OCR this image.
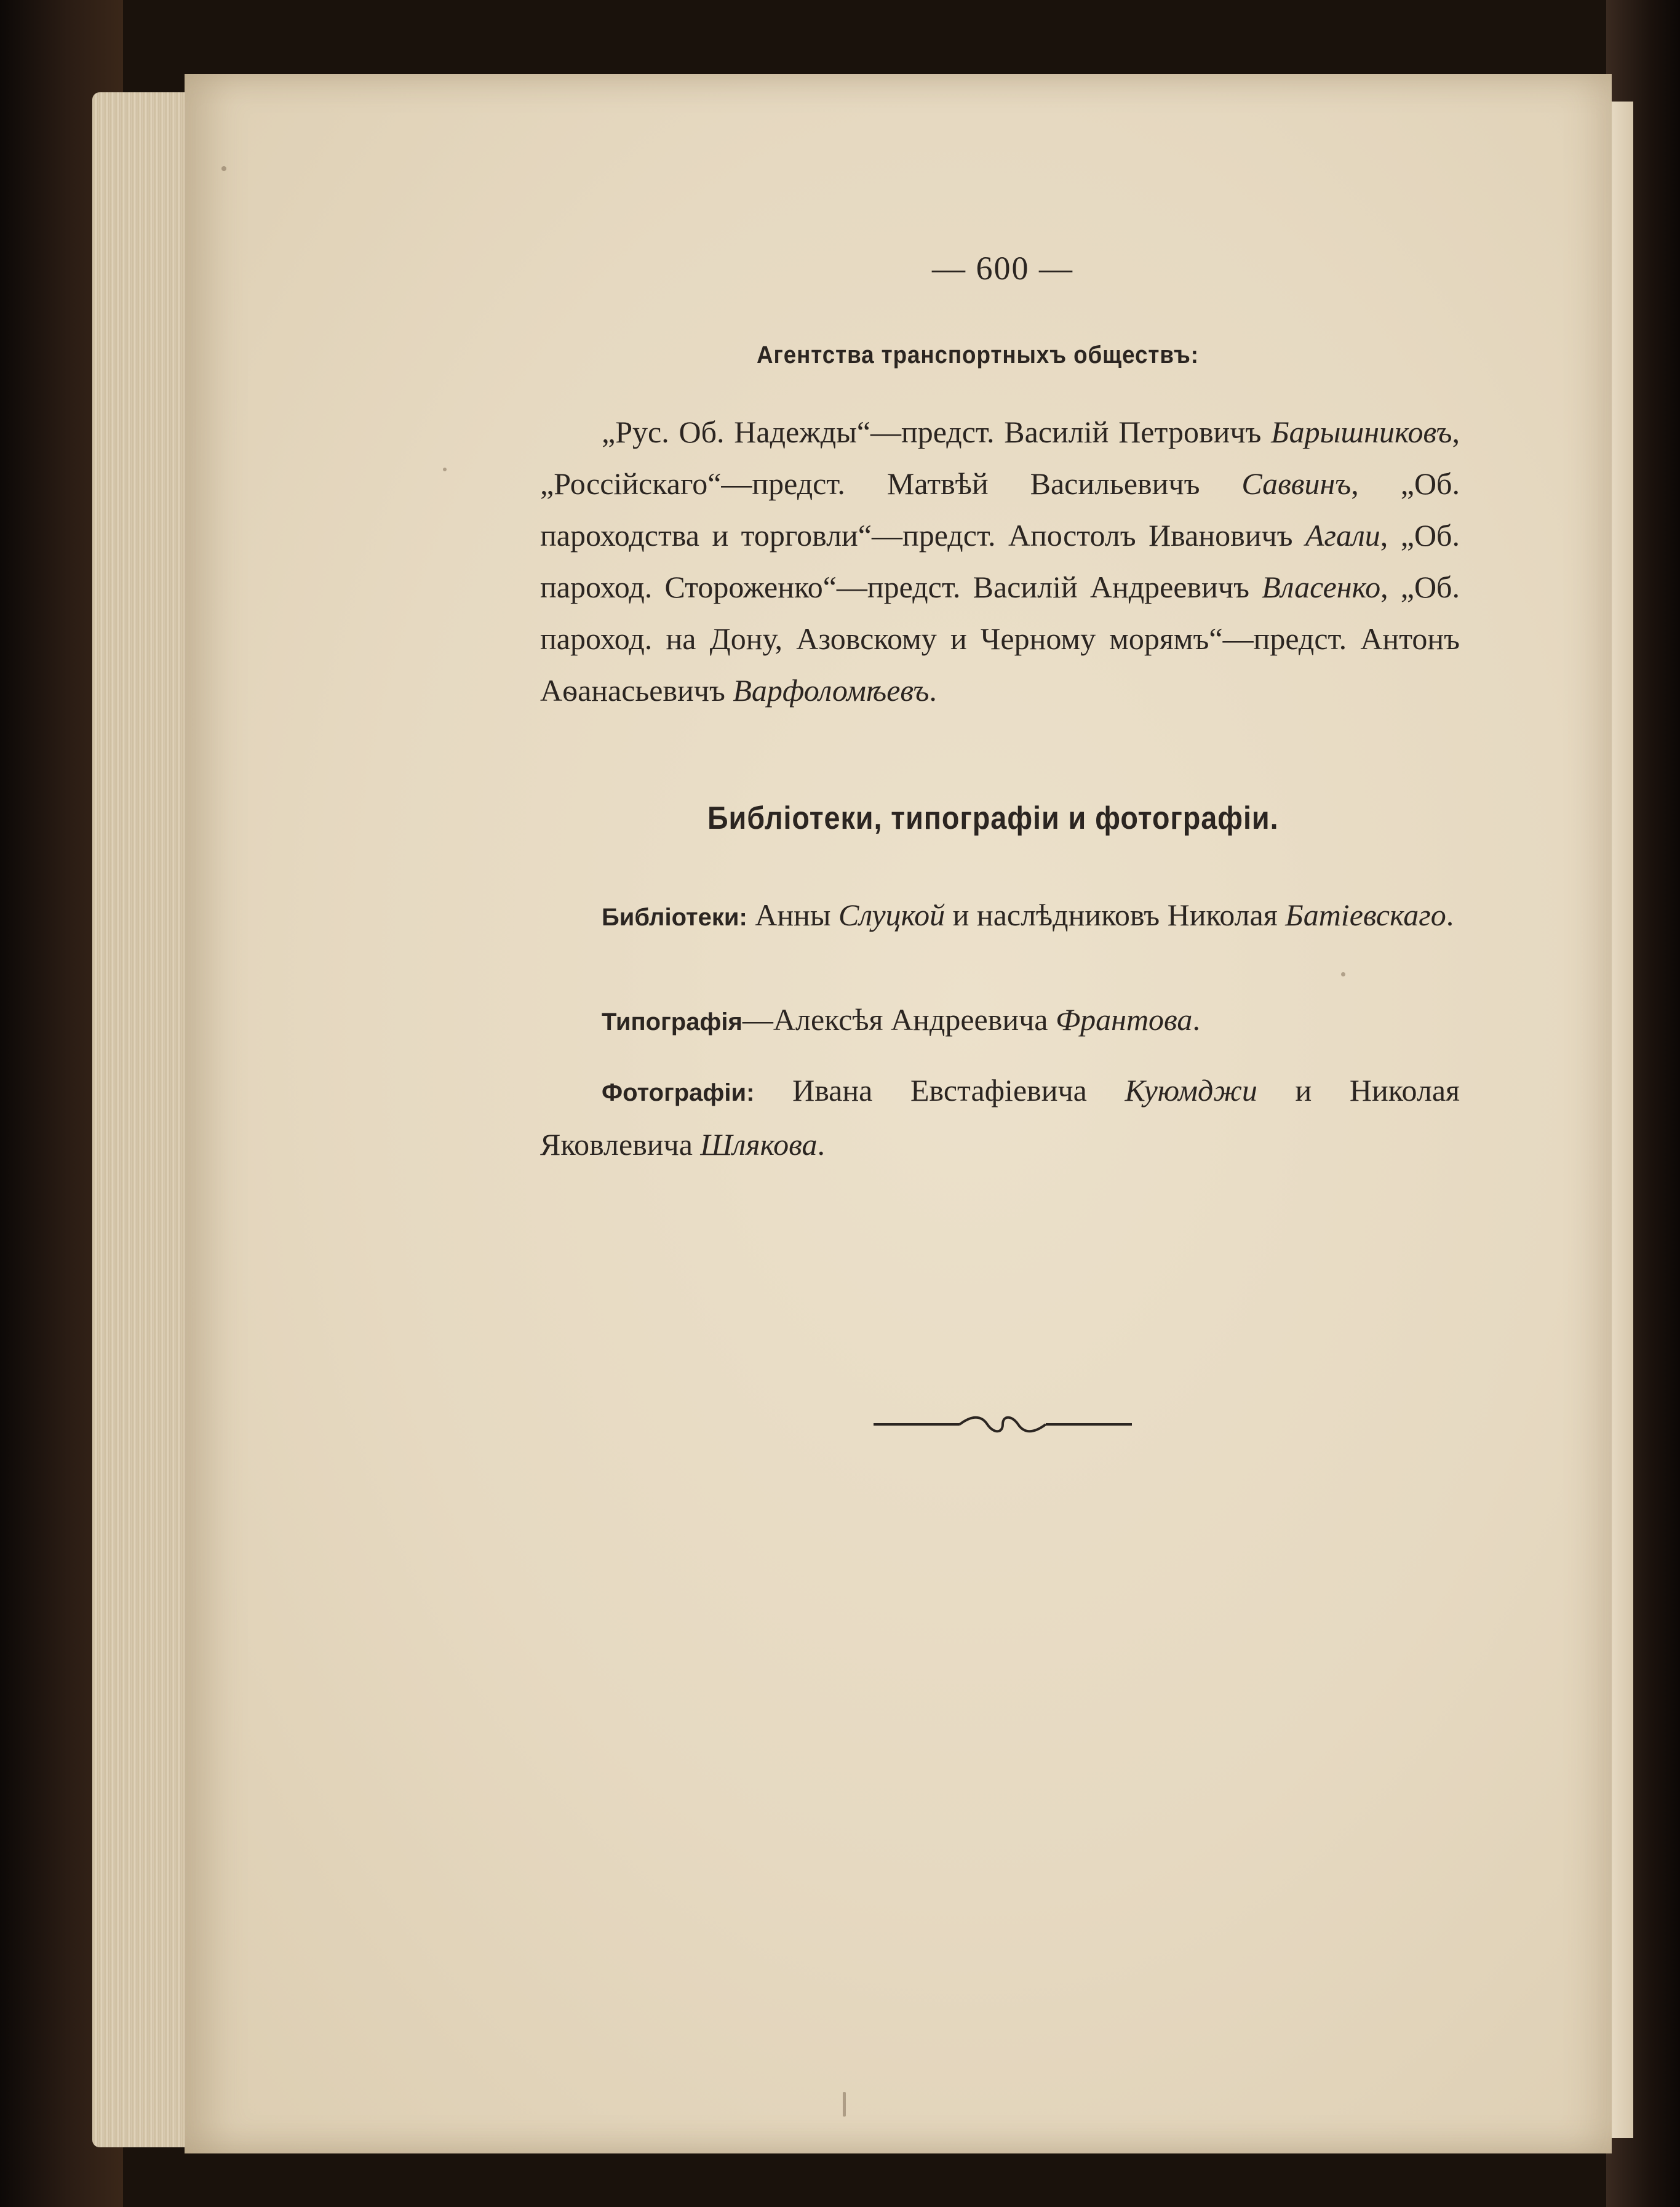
— 600 —
Агентства транспортныхъ обществъ:

„Рус. Об. Надежды“—предст. Василій Петровичъ Барышниковъ, „Россійскаго“—предст. Матвѣй Васильевичъ Саввинъ, „Об. пароходства и торговли“—предст. Апостолъ Ивановичъ Агали, „Об. пароход. Стороженко“—предст. Василій Андреевичъ Власенко, „Об. пароход. на Дону, Азовскому и Черному морямъ“—предст. Антонъ Аѳанасьевичъ Варфоломѣевъ.

Библіотеки, типографіи и фотографіи.

Библіотеки: Анны Слуцкой и наслѣдниковъ Николая Батіевскаго.

Типографія—Алексѣя Андреевича Франтова.

Фотографіи: Ивана Евстафіевича Куюмджи и Николая Яковлевича Шлякова.
